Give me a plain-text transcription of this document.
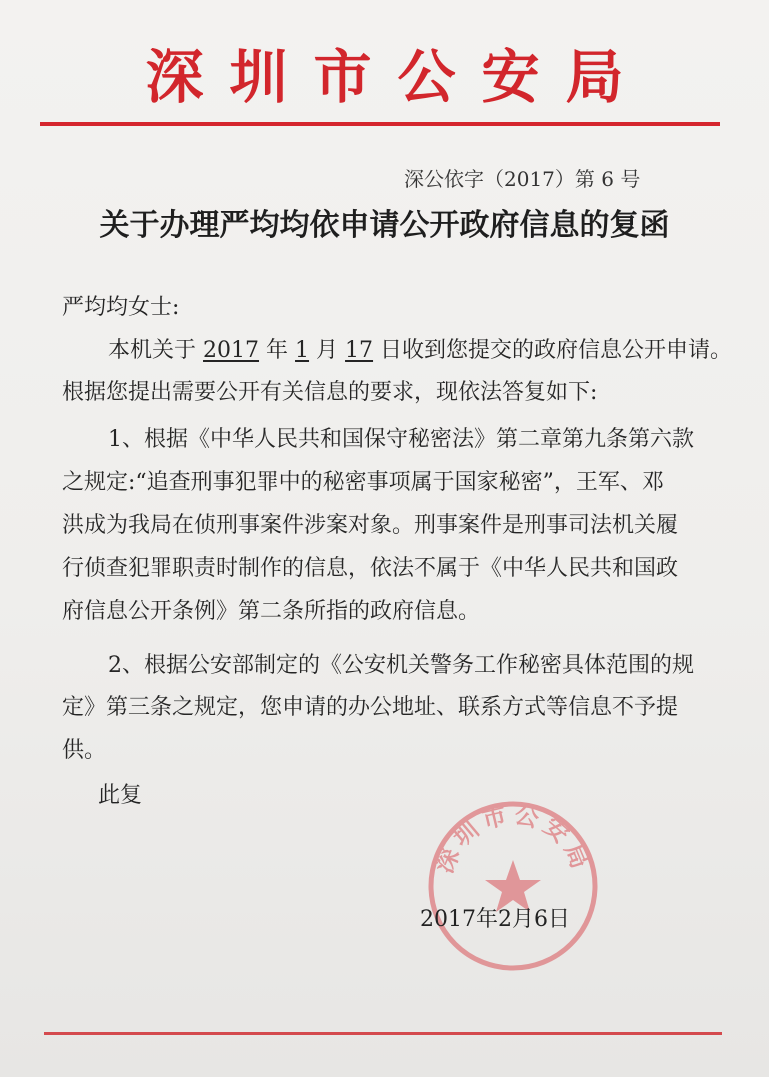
深圳市公安局
深公依字（2017）第 6 号
关于办理严均均依申请公开政府信息的复函
严均均女士:
本机关于 2017 年 1 月 17 日收到您提交的政府信息公开申请。
根据您提出需要公开有关信息的要求，现依法答复如下:
1、根据《中华人民共和国保守秘密法》第二章第九条第六款
之规定:“追查刑事犯罪中的秘密事项属于国家秘密”，王军、邓
洪成为我局在侦刑事案件涉案对象。刑事案件是刑事司法机关履
行侦查犯罪职责时制作的信息，依法不属于《中华人民共和国政
府信息公开条例》第二条所指的政府信息。
2、根据公安部制定的《公安机关警务工作秘密具体范围的规
定》第三条之规定，您申请的办公地址、联系方式等信息不予提
供。
此复
深圳市公安局
2017年2月6日
